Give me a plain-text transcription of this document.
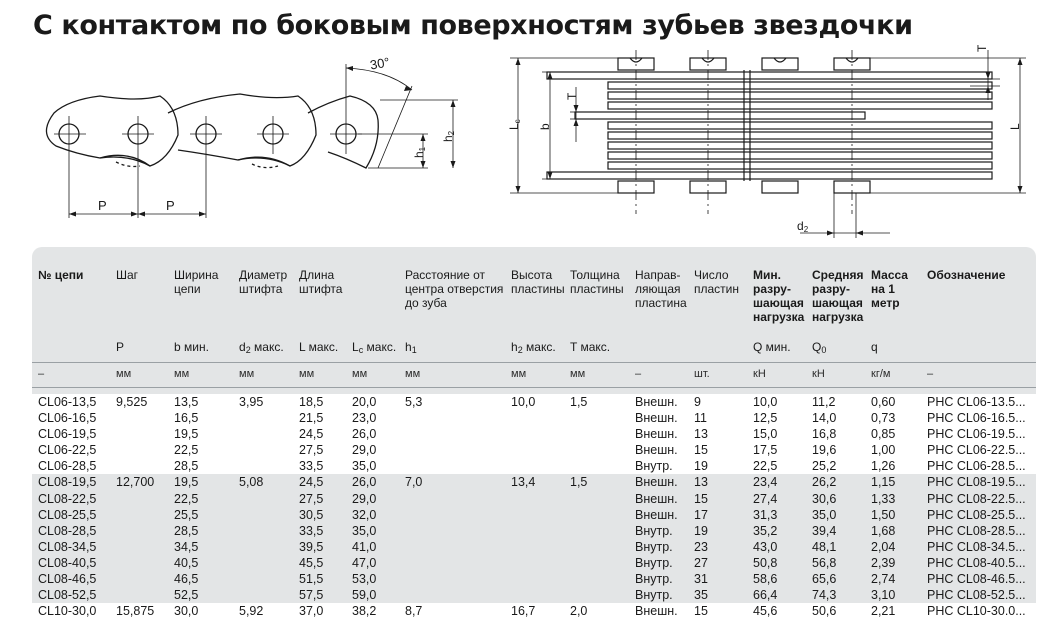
С контактом по боковым поверхностям зубьев звездочки
P	P
30°
h1
h2
Lc
b
T
T
L
d2
№ цепи	Шаг	Ширина цепи	Диаметр штифта	Длина штифта		Расстояние от центра отверстия до зуба	Высота пластины	Толщина пластины	Направ-ляющая пластина	Число пластин	Мин. разру-шающая нагрузка	Средняя разру-шающая нагрузка	Масса на 1 метр	Обозначение
	P	b мин.	$d_2$ макс.	L макс.	$L_c$ макс.	$h_1$	$h_2$ макс.	T макс.			Q мин.	$Q_0$	q	
–	мм	мм	мм	мм	мм	мм	мм	мм	–	шт.	кН	кН	кг/м	–

CL06-13,5	9,525	13,5	3,95	18,5	20,0	5,3	10,0	1,5	Внешн.	9	10,0	11,2	0,60	PHC CL06-13.5...
CL06-16,5		16,5		21,5	23,0				Внешн.	11	12,5	14,0	0,73	PHC CL06-16.5...
CL06-19,5		19,5		24,5	26,0				Внешн.	13	15,0	16,8	0,85	PHC CL06-19.5...
CL06-22,5		22,5		27,5	29,0				Внешн.	15	17,5	19,6	1,00	PHC CL06-22.5...
CL06-28,5		28,5		33,5	35,0				Внутр.	19	22,5	25,2	1,26	PHC CL06-28.5...
CL08-19,5	12,700	19,5	5,08	24,5	26,0	7,0	13,4	1,5	Внешн.	13	23,4	26,2	1,15	PHC CL08-19.5...
CL08-22,5		22,5		27,5	29,0				Внешн.	15	27,4	30,6	1,33	PHC CL08-22.5...
CL08-25,5		25,5		30,5	32,0				Внешн.	17	31,3	35,0	1,50	PHC CL08-25.5...
CL08-28,5		28,5		33,5	35,0				Внутр.	19	35,2	39,4	1,68	PHC CL08-28.5...
CL08-34,5		34,5		39,5	41,0				Внутр.	23	43,0	48,1	2,04	PHC CL08-34.5...
CL08-40,5		40,5		45,5	47,0				Внутр.	27	50,8	56,8	2,39	PHC CL08-40.5...
CL08-46,5		46,5		51,5	53,0				Внутр.	31	58,6	65,6	2,74	PHC CL08-46.5...
CL08-52,5		52,5		57,5	59,0				Внутр.	35	66,4	74,3	3,10	PHC CL08-52.5...
CL10-30,0	15,875	30,0	5,92	37,0	38,2	8,7	16,7	2,0	Внешн.	15	45,6	50,6	2,21	PHC CL10-30.0...
